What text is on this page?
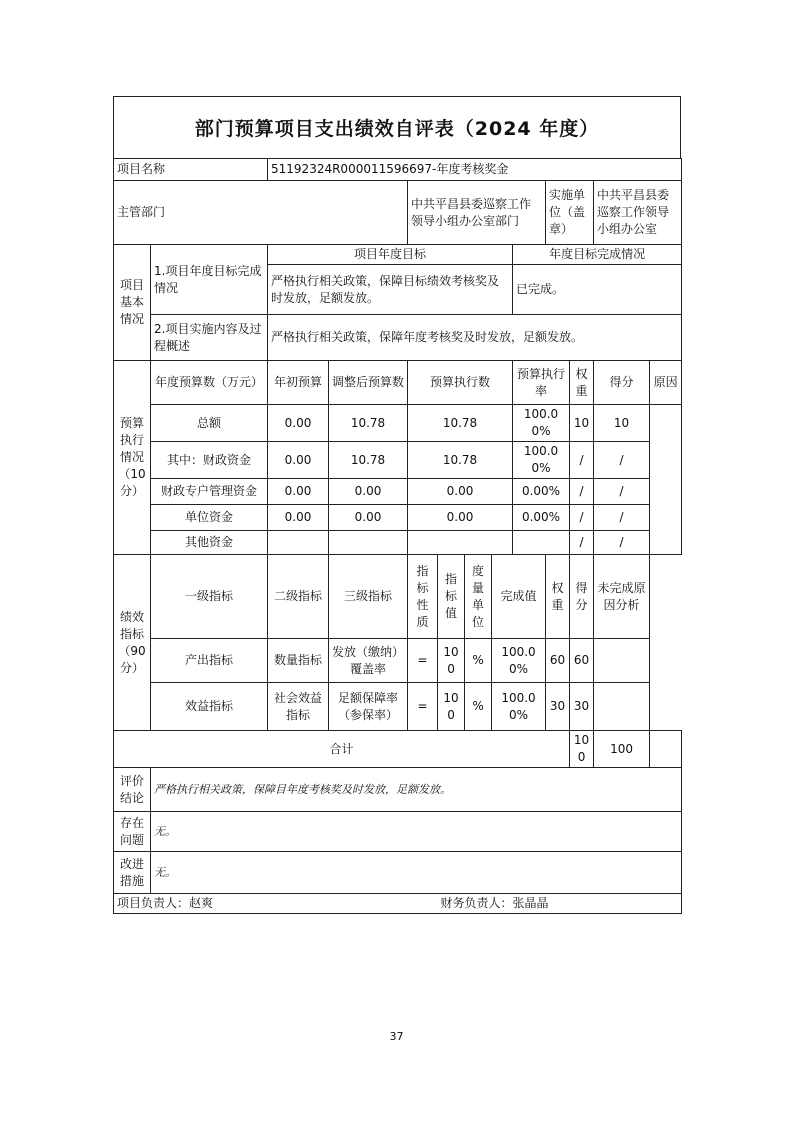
部门预算项目支出绩效自评表（2024 年度）
项目名称		51192324R000011596697-年度考核奖金										
主管部门				中共平昌县委巡察工作领导小组办公室部门					实施单位（盖章）		中共平昌县委巡察工作领导小组办公室	
项目基本情况	1.项目年度目标完成情况	项目年度目标						年度目标完成情况				
		严格执行相关政策，保障目标绩效考核奖及时发放，足额发放。						已完成。				
	2.项目实施内容及过程概述	严格执行相关政策，保障年度考核奖及时发放，足额发放。										
预算执行情况（10分）	年度预算数（万元）	年初预算	调整后预算数	预算执行数				预算执行率		权重	得分	原因
	总额	0.00	10.78	10.78				100.00%		10	10	
	其中：财政资金	0.00	10.78	10.78				100.00%		/	/	
	财政专户管理资金	0.00	0.00	0.00				0.00%		/	/	
	单位资金	0.00	0.00	0.00				0.00%		/	/	
	其他资金									/	/	
绩效指标（90分）	一级指标	二级指标	三级指标	指标性质	指标值	度量单位	完成值		权重	得分	未完成原因分析	
	产出指标	数量指标	发放（缴纳）覆盖率	=	100	%	100.00%		60	60		
	效益指标	社会效益指标	足额保障率（参保率）	=	100	%	100.00%		30	30		
合计										100	100	
评价结论	严格执行相关政策，保障目年度考核奖及时发放，足额发放。											
存在问题	无。											
改进措施	无。											
项目负责人：赵爽					财务负责人：张晶晶							
37
